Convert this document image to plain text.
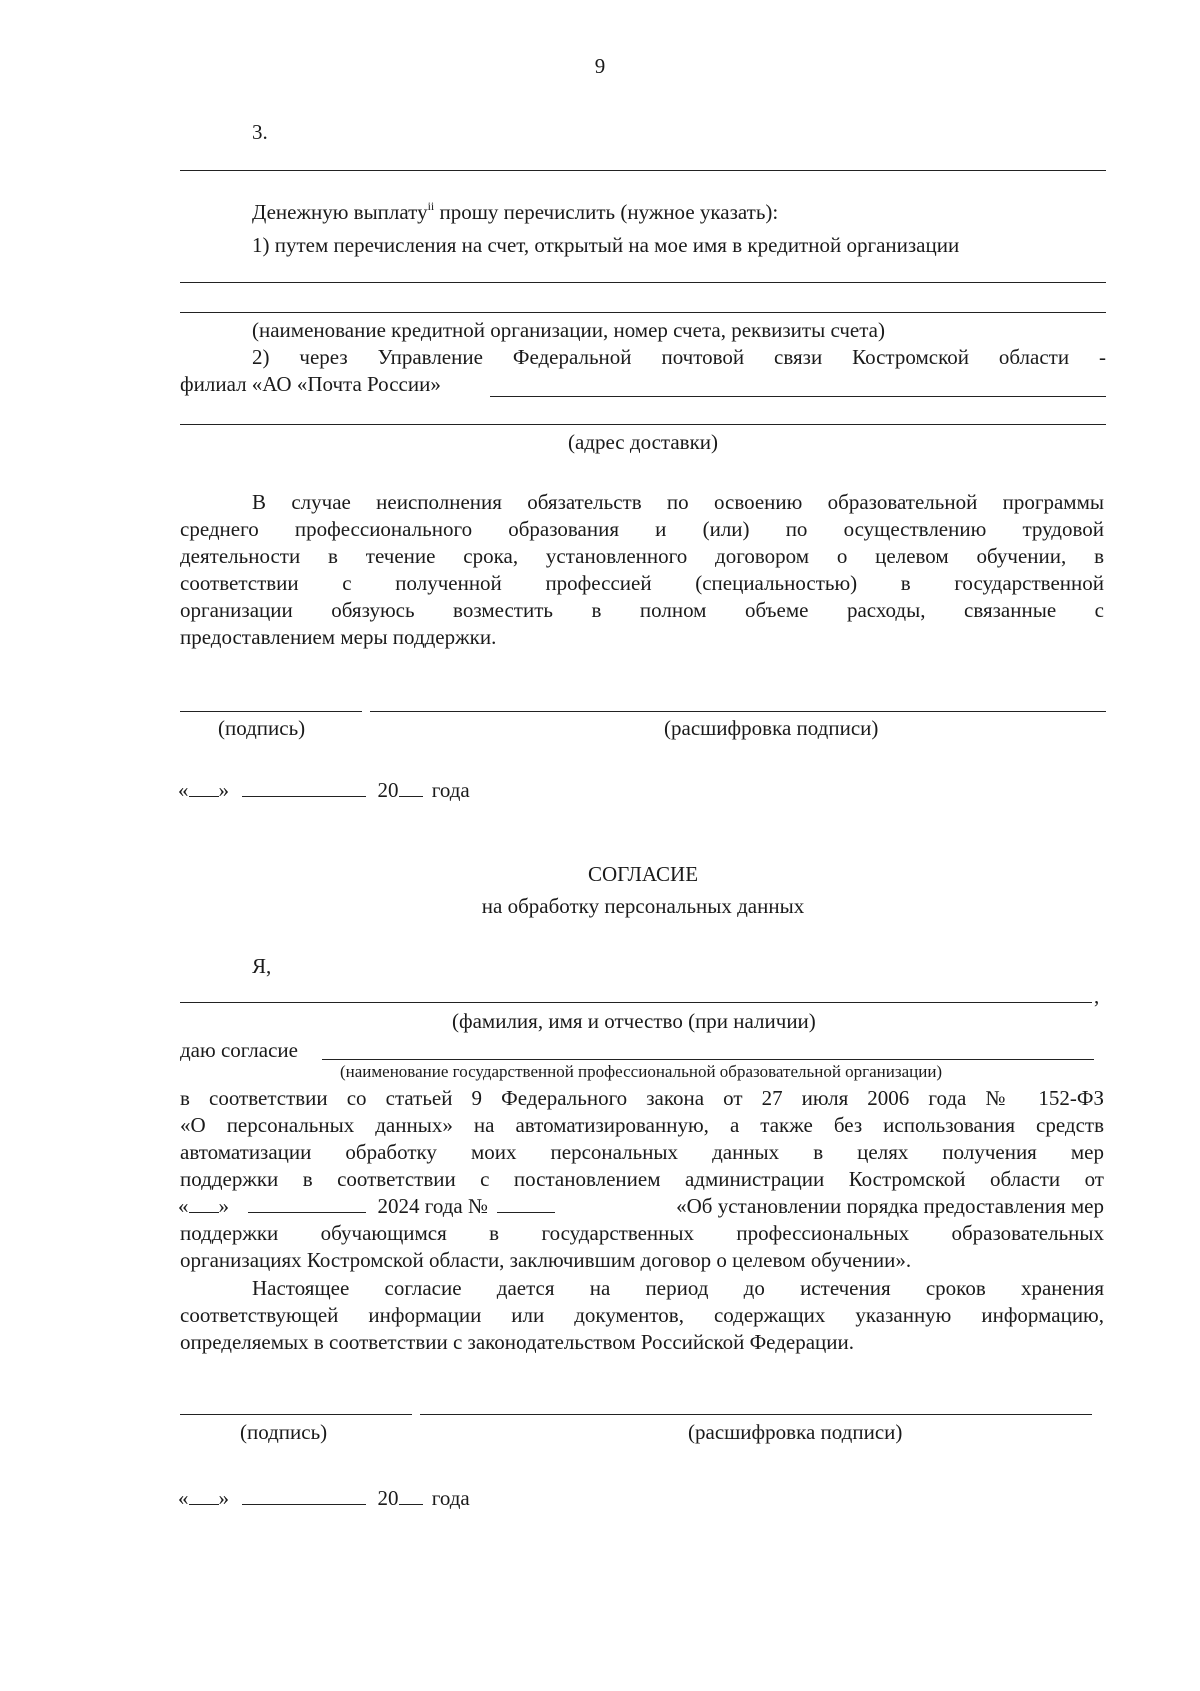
9
3.
Денежную выплату$^{ii}$ прошу перечислить (нужное указать):
1) путем перечисления на счет, открытый на мое имя в кредитной организации
(наименование кредитной организации, номер счета, реквизиты счета)
2) через Управление Федеральной почтовой связи Костромской области -
филиал «АО «Почта России»
(адрес доставки)
В случае неисполнения обязательств по освоению образовательной программы
среднего профессионального образования и (или) по осуществлению трудовой
деятельности в течение срока, установленного договором о целевом обучении, в
соответствии с полученной профессией (специальностью) в государственной
организации обязуюсь возместить в полном объеме расходы, связанные с
предоставлением меры поддержки.
(подпись)	(расшифровка подписи)
« »	20 года
СОГЛАСИЕ
на обработку персональных данных
Я,
,
(фамилия, имя и отчество (при наличии)
даю согласие
(наименование государственной профессиональной образовательной организации)
в соответствии со статьей 9 Федерального закона от 27 июля 2006 года № 152-ФЗ
«О персональных данных» на автоматизированную, а также без использования средств
автоматизации обработку моих персональных данных в целях получения мер
поддержки в соответствии с постановлением администрации Костромской области от
« »	2024 года №	«Об установлении порядка предоставления мер
поддержки обучающимся в государственных профессиональных образовательных
организациях Костромской области, заключившим договор о целевом обучении».
Настоящее согласие дается на период до истечения сроков хранения
соответствующей информации или документов, содержащих указанную информацию,
определяемых в соответствии с законодательством Российской Федерации.
(подпись)	(расшифровка подписи)
« »	20 года
